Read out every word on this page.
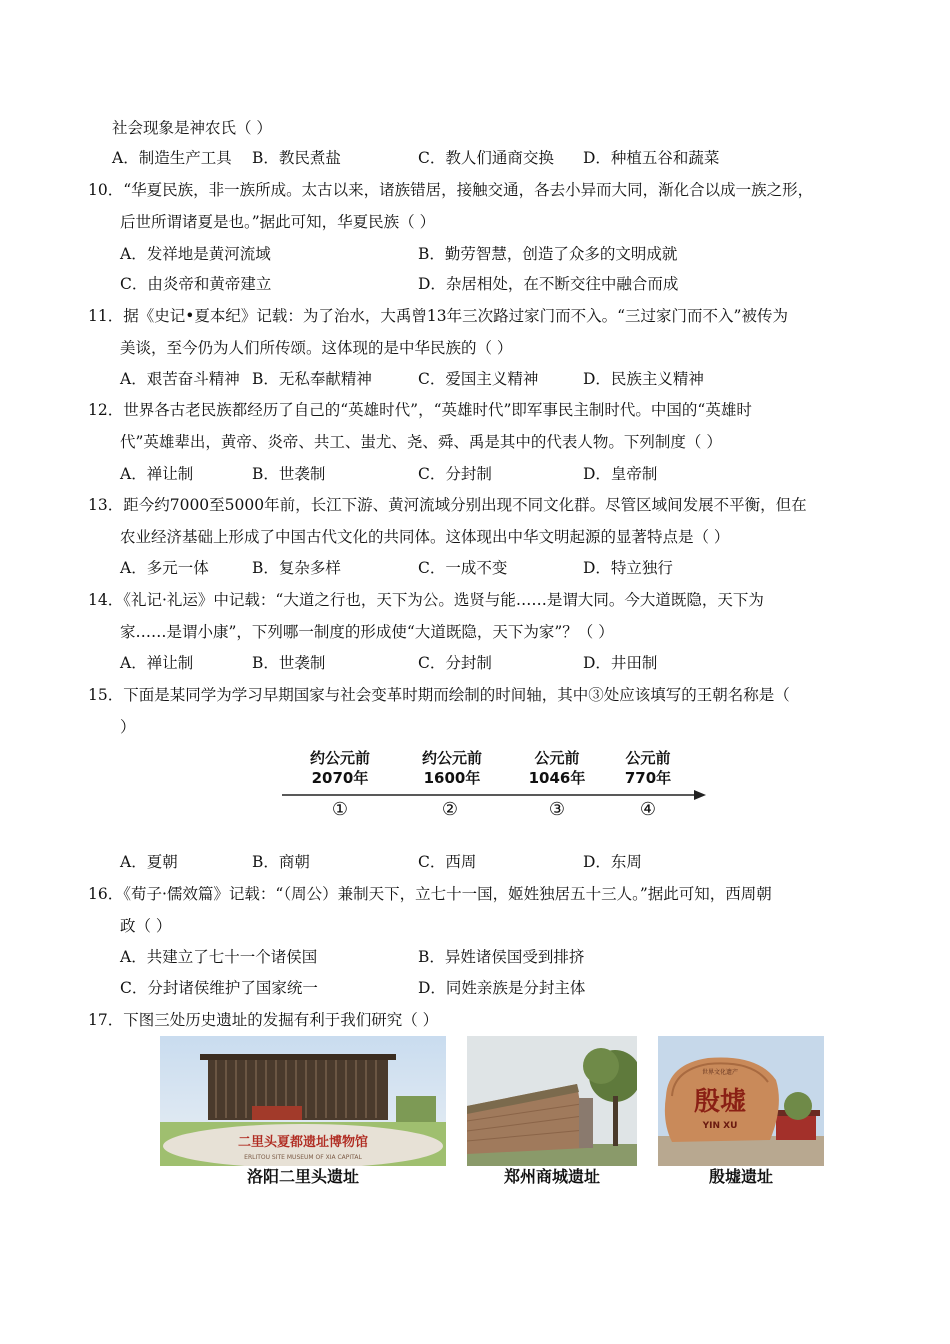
社会现象是神农氏（ ）
A．制造生产工具 B．教民煮盐	C．教人们通商交换 D．种植五谷和蔬菜
10．“华夏民族，非一族所成。太古以来，诸族错居，接触交通，各去小异而大同，渐化合以成一族之形，
后世所谓诸夏是也。”据此可知，华夏民族（ ）
A．发祥地是黄河流域	B．勤劳智慧，创造了众多的文明成就
C．由炎帝和黄帝建立	D．杂居相处，在不断交往中融合而成
11．据《史记•夏本纪》记载：为了治水，大禹曾13年三次路过家门而不入。“三过家门而不入”被传为
美谈，至今仍为人们所传颂。这体现的是中华民族的（ ）
A．艰苦奋斗精神 B．无私奉献精神	C．爱国主义精神	D．民族主义精神
12．世界各古老民族都经历了自己的“英雄时代”，“英雄时代”即军事民主制时代。中国的“英雄时
代”英雄辈出，黄帝、炎帝、共工、蚩尤、尧、舜、禹是其中的代表人物。下列制度（ ）
A．禅让制	B．世袭制	C．分封制	D．皇帝制
13．距今约7000至5000年前，长江下游、黄河流域分别出现不同文化群。尽管区域间发展不平衡，但在
农业经济基础上形成了中国古代文化的共同体。这体现出中华文明起源的显著特点是（ ）
A．多元一体	B．复杂多样	C．一成不变	D．特立独行
14．《礼记·礼运》中记载：“大道之行也，天下为公。选贤与能……是谓大同。今大道既隐，天下为
家……是谓小康”，下列哪一制度的形成使“大道既隐，天下为家”？（ ）
A．禅让制	B．世袭制	C．分封制	D．井田制
15．下面是某同学为学习早期国家与社会变革时期而绘制的时间轴，其中③处应该填写的王朝名称是（
）
约公元前
2070年
约公元前
1600年
公元前
1046年
公元前
770年
①	②	③	④
A．夏朝	B．商朝	C．西周	D．东周
16．《荀子·儒效篇》记载：“（周公）兼制天下，立七十一国，姬姓独居五十三人。”据此可知，西周朝
政（ ）
A．共建立了七十一个诸侯国	B．异姓诸侯国受到排挤
C．分封诸侯维护了国家统一	D．同姓亲族是分封主体
17．下图三处历史遗址的发掘有利于我们研究（ ）
二里头夏都遗址博物馆
ERLITOU SITE MUSEUM OF XIA CAPITAL
洛阳二里头遗址	郑州商城遗址
世界文化遗产
殷墟
YIN XU
殷墟遗址
